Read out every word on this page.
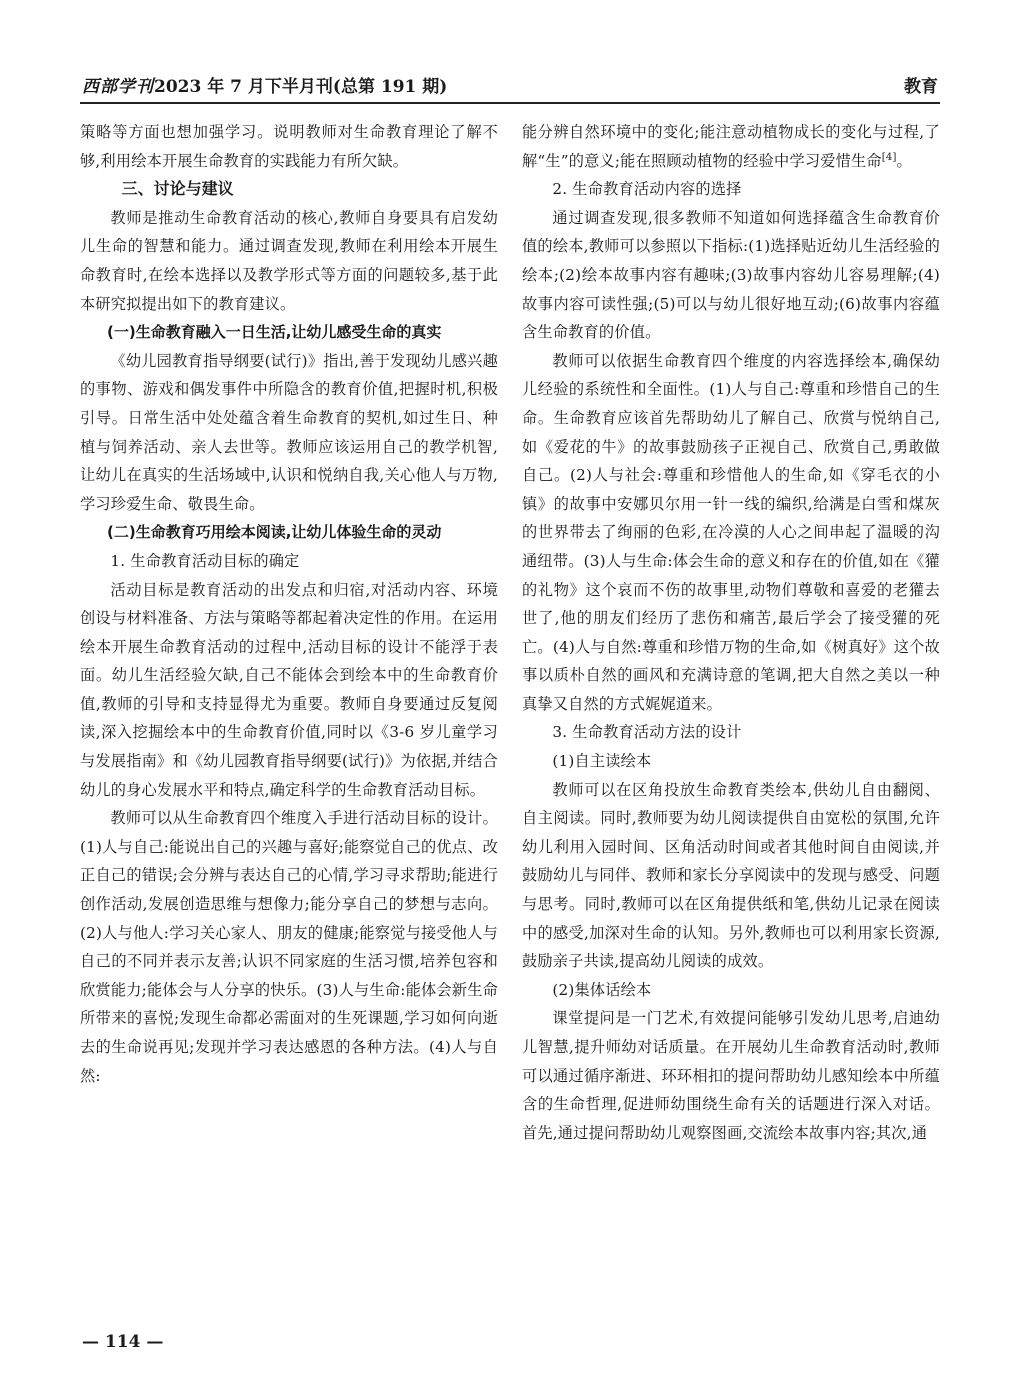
西部学刊2023 年 7 月下半月刊(总第 191 期)	教育

策略等方面也想加强学习。说明教师对生命教育理论了解不够,利用绘本开展生命教育的实践能力有所欠缺。

三、讨论与建议

教师是推动生命教育活动的核心,教师自身要具有启发幼儿生命的智慧和能力。通过调查发现,教师在利用绘本开展生命教育时,在绘本选择以及教学形式等方面的问题较多,基于此本研究拟提出如下的教育建议。

(一)生命教育融入一日生活,让幼儿感受生命的真实

《幼儿园教育指导纲要(试行)》指出,善于发现幼儿感兴趣的事物、游戏和偶发事件中所隐含的教育价值,把握时机,积极引导。日常生活中处处蕴含着生命教育的契机,如过生日、种植与饲养活动、亲人去世等。教师应该运用自己的教学机智,让幼儿在真实的生活场域中,认识和悦纳自我,关心他人与万物,学习珍爱生命、敬畏生命。

(二)生命教育巧用绘本阅读,让幼儿体验生命的灵动

1. 生命教育活动目标的确定

活动目标是教育活动的出发点和归宿,对活动内容、环境创设与材料准备、方法与策略等都起着决定性的作用。在运用绘本开展生命教育活动的过程中,活动目标的设计不能浮于表面。幼儿生活经验欠缺,自己不能体会到绘本中的生命教育价值,教师的引导和支持显得尤为重要。教师自身要通过反复阅读,深入挖掘绘本中的生命教育价值,同时以《3-6 岁儿童学习与发展指南》和《幼儿园教育指导纲要(试行)》为依据,并结合幼儿的身心发展水平和特点,确定科学的生命教育活动目标。

教师可以从生命教育四个维度入手进行活动目标的设计。(1)人与自己:能说出自己的兴趣与喜好;能察觉自己的优点、改正自己的错误;会分辨与表达自己的心情,学习寻求帮助;能进行创作活动,发展创造思维与想像力;能分享自己的梦想与志向。(2)人与他人:学习关心家人、朋友的健康;能察觉与接受他人与自己的不同并表示友善;认识不同家庭的生活习惯,培养包容和欣赏能力;能体会与人分享的快乐。(3)人与生命:能体会新生命所带来的喜悦;发现生命都必需面对的生死课题,学习如何向逝去的生命说再见;发现并学习表达感恩的各种方法。(4)人与自然:

能分辨自然环境中的变化;能注意动植物成长的变化与过程,了解“生”的意义;能在照顾动植物的经验中学习爱惜生命[4]。

2. 生命教育活动内容的选择

通过调查发现,很多教师不知道如何选择蕴含生命教育价值的绘本,教师可以参照以下指标:(1)选择贴近幼儿生活经验的绘本;(2)绘本故事内容有趣味;(3)故事内容幼儿容易理解;(4)故事内容可读性强;(5)可以与幼儿很好地互动;(6)故事内容蕴含生命教育的价值。

教师可以依据生命教育四个维度的内容选择绘本,确保幼儿经验的系统性和全面性。(1)人与自己:尊重和珍惜自己的生命。生命教育应该首先帮助幼儿了解自己、欣赏与悦纳自己,如《爱花的牛》的故事鼓励孩子正视自己、欣赏自己,勇敢做自己。(2)人与社会:尊重和珍惜他人的生命,如《穿毛衣的小镇》的故事中安娜贝尔用一针一线的编织,给满是白雪和煤灰的世界带去了绚丽的色彩,在冷漠的人心之间串起了温暖的沟通纽带。(3)人与生命:体会生命的意义和存在的价值,如在《獾的礼物》这个哀而不伤的故事里,动物们尊敬和喜爱的老獾去世了,他的朋友们经历了悲伤和痛苦,最后学会了接受獾的死亡。(4)人与自然:尊重和珍惜万物的生命,如《树真好》这个故事以质朴自然的画风和充满诗意的笔调,把大自然之美以一种真挚又自然的方式娓娓道来。

3. 生命教育活动方法的设计

(1)自主读绘本

教师可以在区角投放生命教育类绘本,供幼儿自由翻阅、自主阅读。同时,教师要为幼儿阅读提供自由宽松的氛围,允许幼儿利用入园时间、区角活动时间或者其他时间自由阅读,并鼓励幼儿与同伴、教师和家长分享阅读中的发现与感受、问题与思考。同时,教师可以在区角提供纸和笔,供幼儿记录在阅读中的感受,加深对生命的认知。另外,教师也可以利用家长资源,鼓励亲子共读,提高幼儿阅读的成效。

(2)集体话绘本

课堂提问是一门艺术,有效提问能够引发幼儿思考,启迪幼儿智慧,提升师幼对话质量。在开展幼儿生命教育活动时,教师可以通过循序渐进、环环相扣的提问帮助幼儿感知绘本中所蕴含的生命哲理,促进师幼围绕生命有关的话题进行深入对话。首先,通过提问帮助幼儿观察图画,交流绘本故事内容;其次,通

— 114 —
